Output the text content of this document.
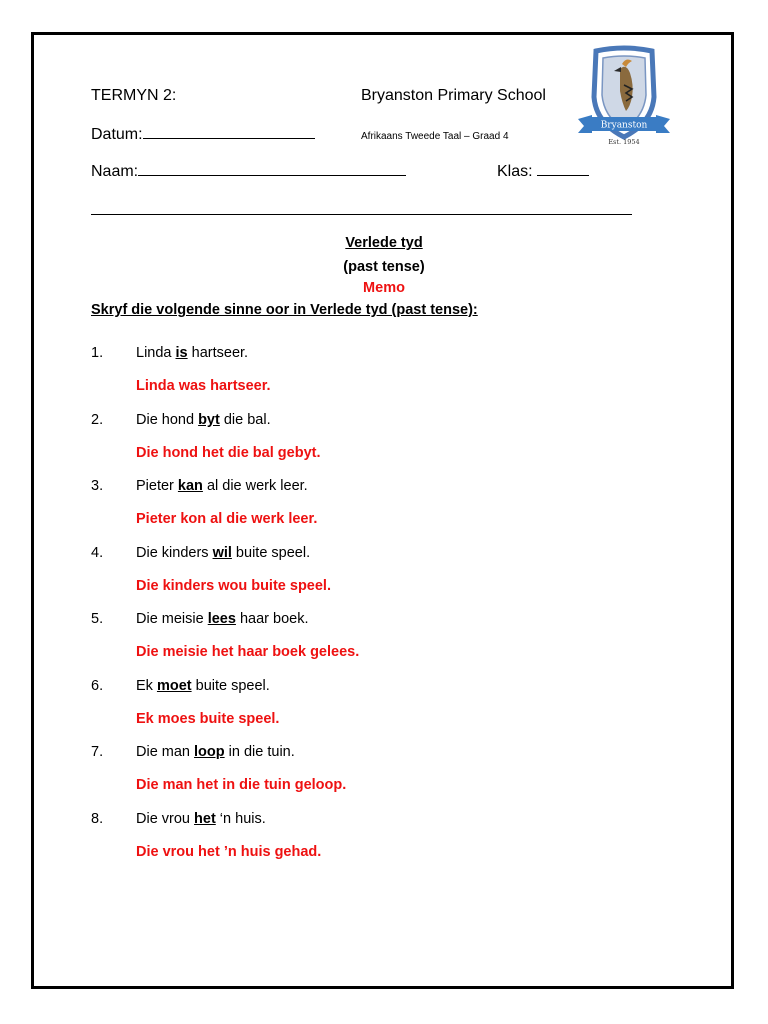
TERMYN 2:	Bryanston Primary School
Datum:	Afrikaans Tweede Taal – Graad 4
Naam:	Klas:
Bryanston
Est. 1954
Verlede tyd
(past tense)
Memo
Skryf die volgende sinne oor in Verlede tyd (past tense):
1. Linda is hartseer.
Linda was hartseer.
2. Die hond byt die bal.
Die hond het die bal gebyt.
3. Pieter kan al die werk leer.
Pieter kon al die werk leer.
4. Die kinders wil buite speel.
Die kinders wou buite speel.
5. Die meisie lees haar boek.
Die meisie het haar boek gelees.
6. Ek moet buite speel.
Ek moes buite speel.
7. Die man loop in die tuin.
Die man het in die tuin geloop.
8. Die vrou het ‘n huis.
Die vrou het ’n huis gehad.
